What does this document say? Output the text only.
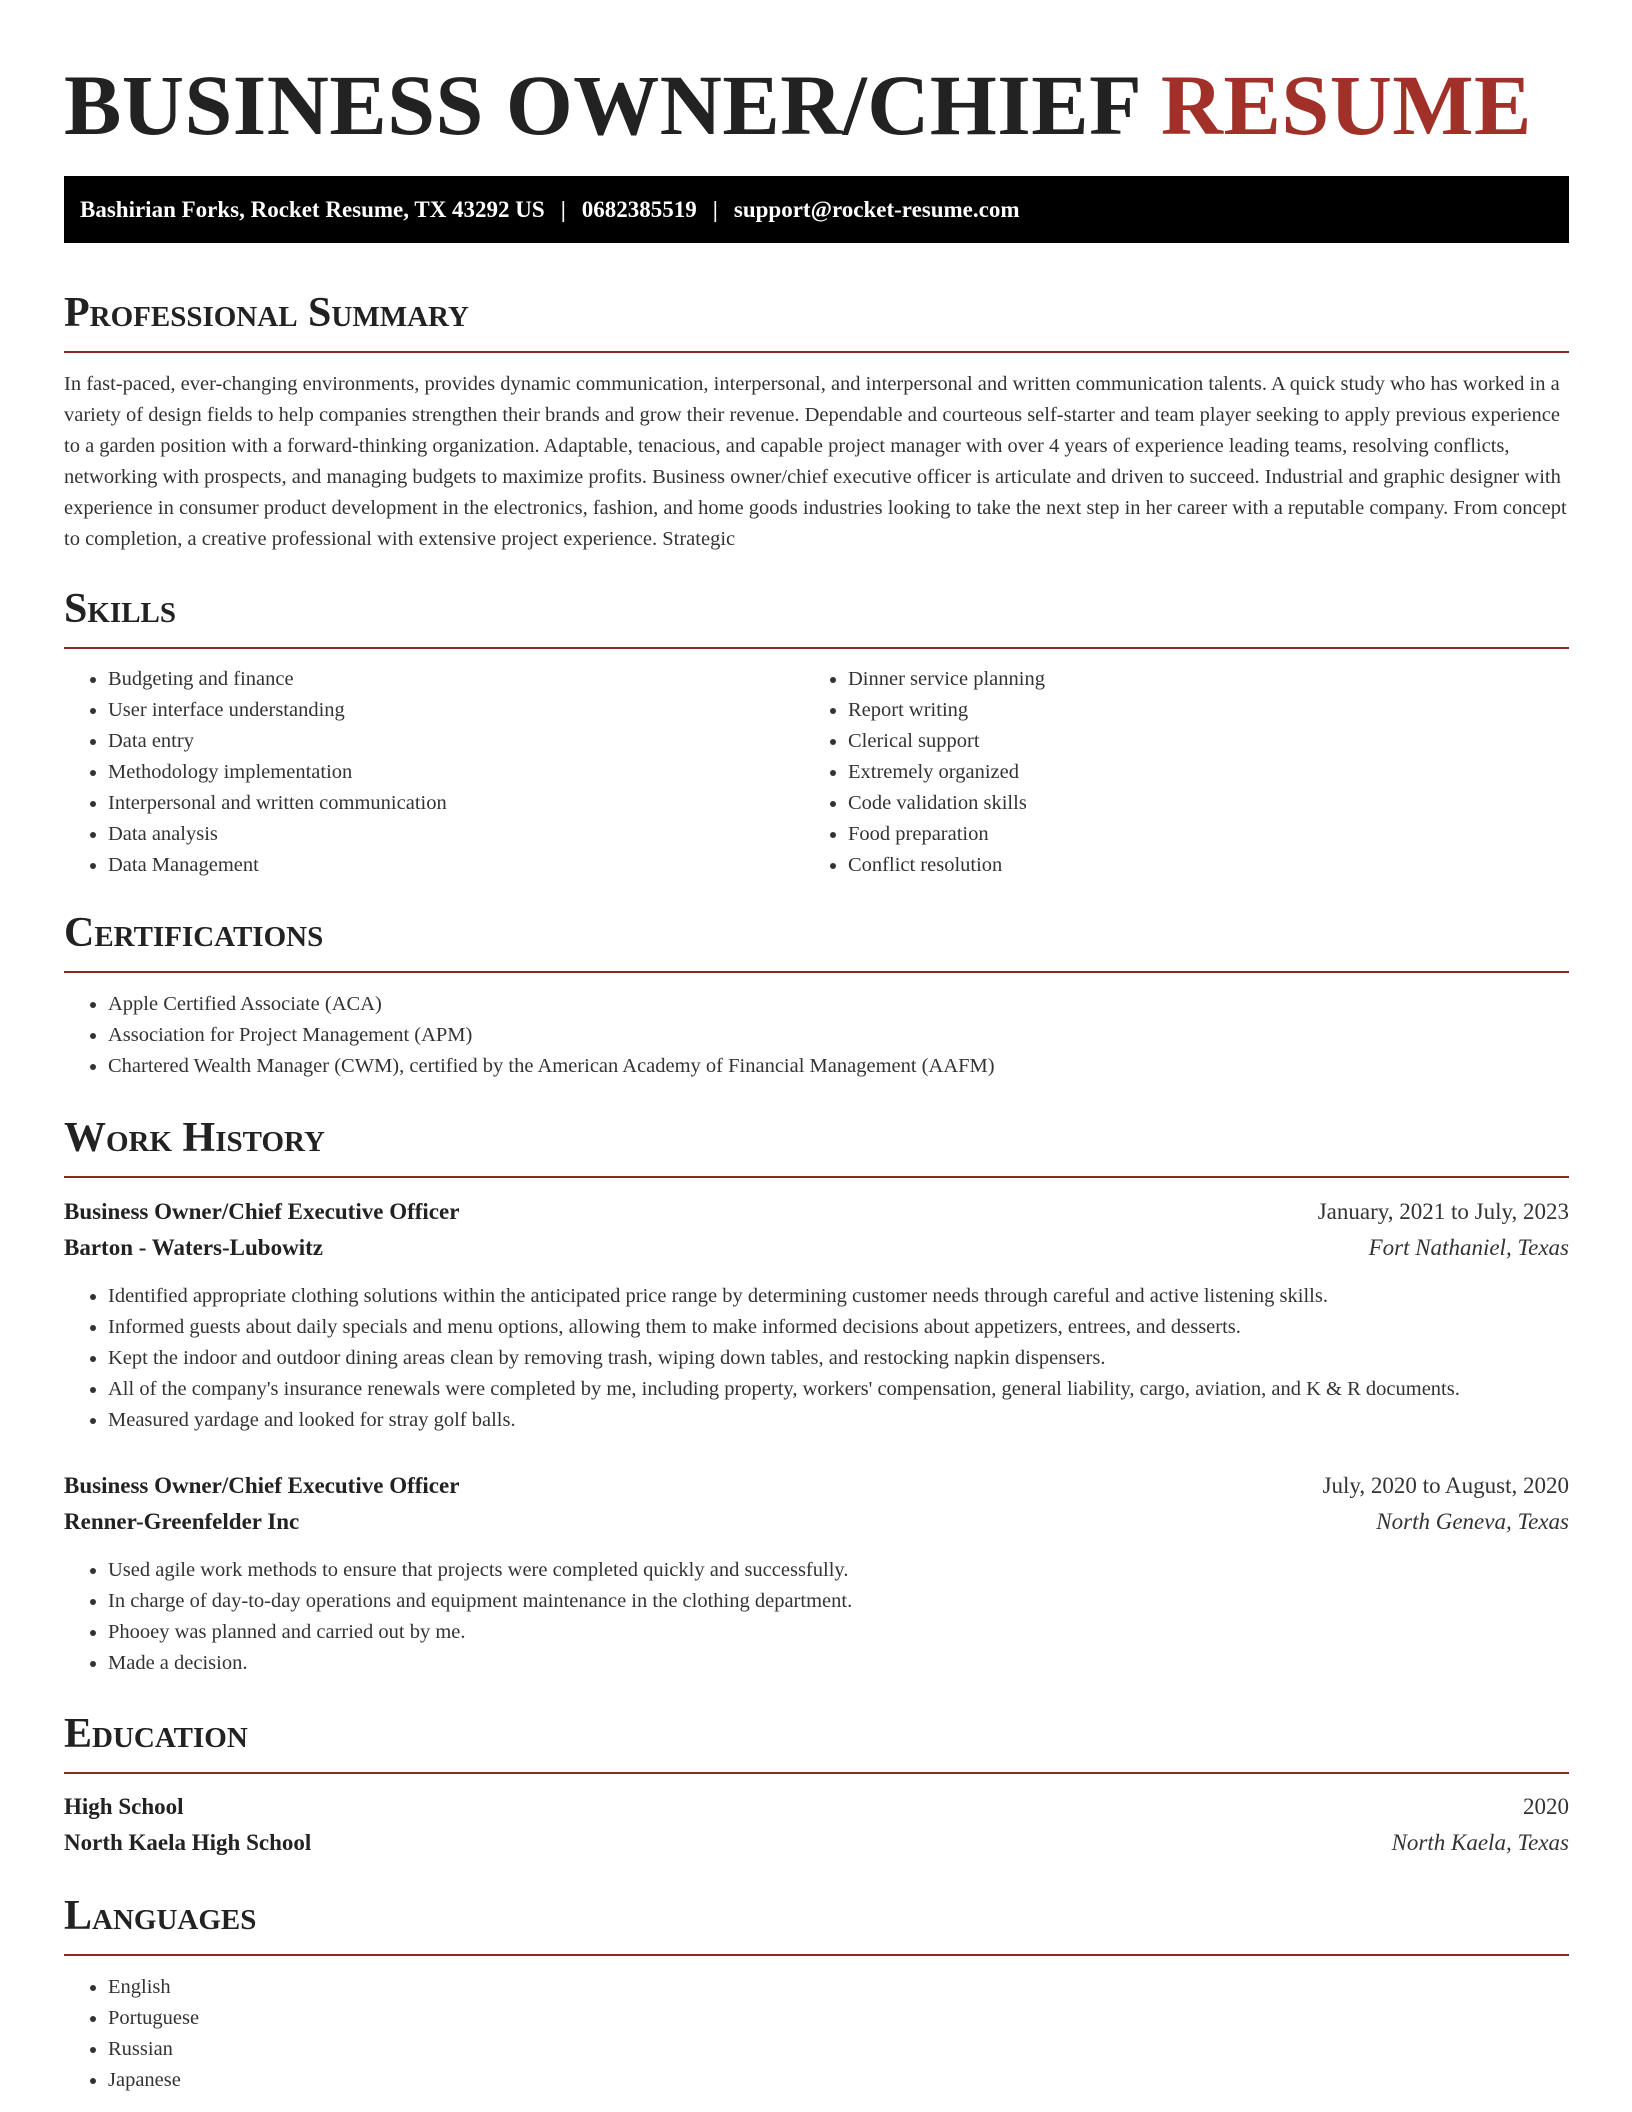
BUSINESS OWNER/CHIEF RESUME
Bashirian Forks, Rocket Resume, TX 43292 US | 0682385519 | support@rocket-resume.com
Professional Summary

In fast-paced, ever-changing environments, provides dynamic communication, interpersonal, and interpersonal and written communication talents. A quick study who has worked in a variety of design fields to help companies strengthen their brands and grow their revenue. Dependable and courteous self-starter and team player seeking to apply previous experience to a garden position with a forward-thinking organization. Adaptable, tenacious, and capable project manager with over 4 years of experience leading teams, resolving conflicts, networking with prospects, and managing budgets to maximize profits. Business owner/chief executive officer is articulate and driven to succeed. Industrial and graphic designer with experience in consumer product development in the electronics, fashion, and home goods industries looking to take the next step in her career with a reputable company. From concept to completion, a creative professional with extensive project experience. Strategic

Skills
• Budgeting and finance
• User interface understanding
• Data entry
• Methodology implementation
• Interpersonal and written communication
• Data analysis
• Data Management
• Dinner service planning
• Report writing
• Clerical support
• Extremely organized
• Code validation skills
• Food preparation
• Conflict resolution
Certifications
• Apple Certified Associate (ACA)
• Association for Project Management (APM)
• Chartered Wealth Manager (CWM), certified by the American Academy of Financial Management (AAFM)
Work History
Business Owner/Chief Executive Officer	January, 2021 to July, 2023
Barton - Waters-Lubowitz	Fort Nathaniel, Texas
• Identified appropriate clothing solutions within the anticipated price range by determining customer needs through careful and active listening skills.
• Informed guests about daily specials and menu options, allowing them to make informed decisions about appetizers, entrees, and desserts.
• Kept the indoor and outdoor dining areas clean by removing trash, wiping down tables, and restocking napkin dispensers.
• All of the company's insurance renewals were completed by me, including property, workers' compensation, general liability, cargo, aviation, and K & R documents.
• Measured yardage and looked for stray golf balls.
Business Owner/Chief Executive Officer	July, 2020 to August, 2020
Renner-Greenfelder Inc	North Geneva, Texas
• Used agile work methods to ensure that projects were completed quickly and successfully.
• In charge of day-to-day operations and equipment maintenance in the clothing department.
• Phooey was planned and carried out by me.
• Made a decision.
Education
High School	2020
North Kaela High School	North Kaela, Texas
Languages
• English
• Portuguese
• Russian
• Japanese
